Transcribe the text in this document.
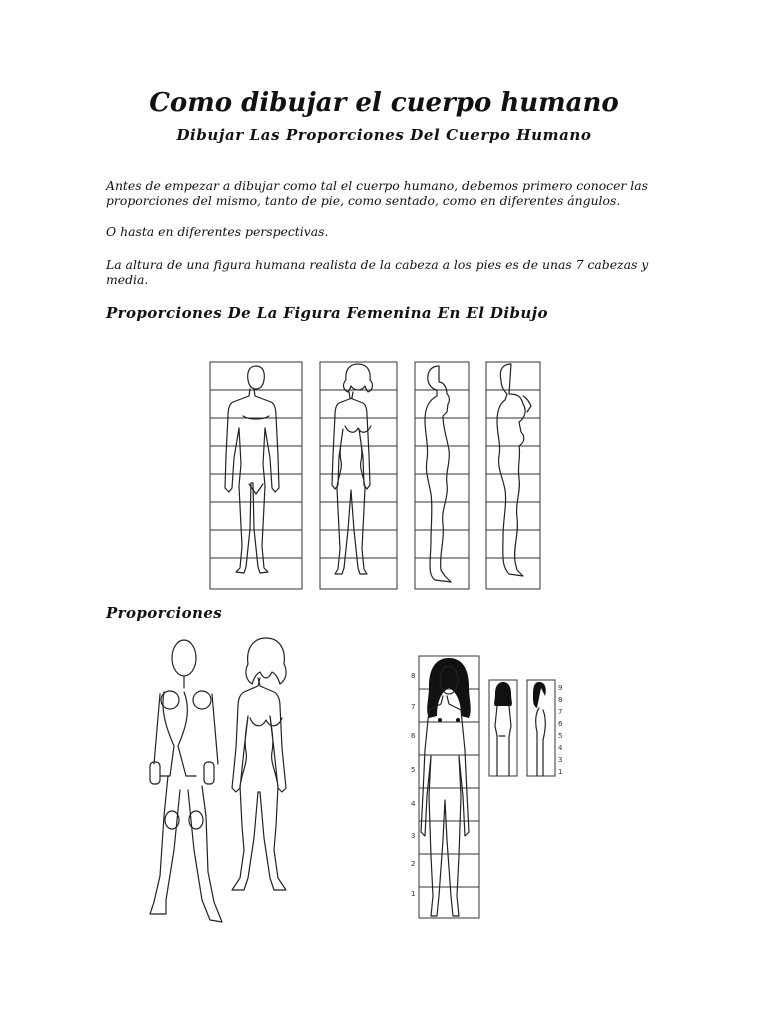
Como dibujar el cuerpo humano
Dibujar Las Proporciones Del Cuerpo Humano

Antes de empezar a dibujar como tal el cuerpo humano, debemos primero conocer las proporciones del mismo, tanto de pie, como sentado, como en diferentes ángulos.

O hasta en diferentes perspectivas.

La altura de una figura humana realista de la cabeza a los pies es de unas 7 cabezas y media.

Proporciones De La Figura Femenina En El Dibujo
Proporciones
8
7
6
5
4
3
2
1
9
8
7
6
5
4
3
1
